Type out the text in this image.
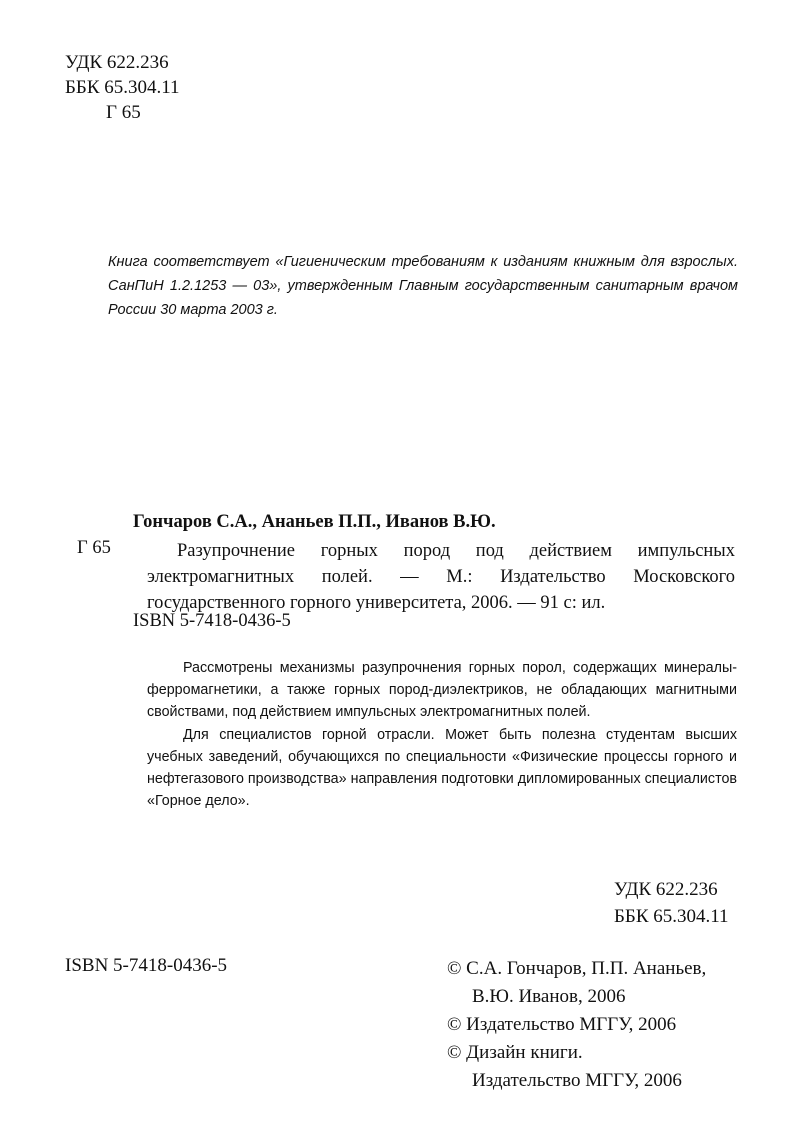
УДК 622.236
ББК 65.304.11
Г 65
Книга соответствует «Гигиеническим требованиям к изданиям книжным для взрослых. СанПиН 1.2.1253 — 03», утвержденным Главным государственным санитарным врачом России 30 марта 2003 г.
Гончаров С.А., Ананьев П.П., Иванов В.Ю.
Г 65	Разупрочнение горных пород под действием импульсных электромагнитных полей. — М.: Издательство Московского государственного горного университета, 2006. — 91 с: ил.
ISBN 5-7418-0436-5

Рассмотрены механизмы разупрочнения горных порол, содержащих минералы-ферромагнетики, а также горных пород-диэлектриков, не обладающих магнитными свойствами, под действием импульсных электромагнитных полей.

Для специалистов горной отрасли. Может быть полезна студентам высших учебных заведений, обучающихся по специальности «Физические процессы горного и нефтегазового производства» направления подготовки дипломированных специалистов «Горное дело».

УДК 622.236
ББК 65.304.11
ISBN 5-7418-0436-5	© С.А. Гончаров, П.П. Ананьев,
В.Ю. Иванов, 2006
© Издательство МГГУ, 2006
© Дизайн книги.
Издательство МГГУ, 2006
